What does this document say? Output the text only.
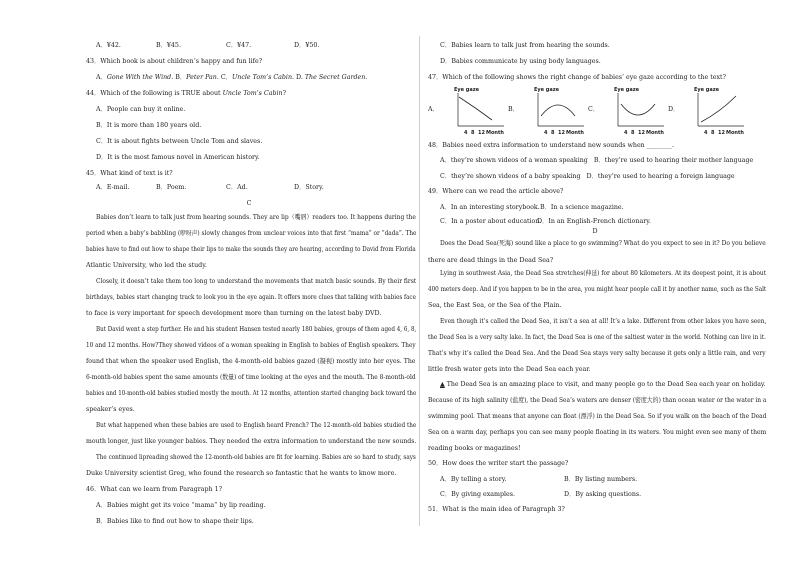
A．¥42.	B．¥45.	C．¥47.	D．¥50.
43．Which book is about children’s happy and fun life?
A．Gone With the Wind. B．Peter Pan. C．Uncle Tom’s Cabin. D. The Secret Garden.
44．Which of the following is TRUE about Uncle Tom’s Cabin?
A．People can buy it online.
B．It is more than 180 years old.
C．It is about fights between Uncle Tom and slaves.
D．It is the most famous novel in American history.
45．What kind of text is it?
A．E-mail.	B．Poem.	C．Ad.	D．Story.
C
Babies don’t learn to talk just from hearing sounds. They are lip（嘴唇）readers too. It happens during the
period when a baby’s babbling (咿呀声) slowly changes from unclear voices into that first “mama” or “dada”. The
babies have to find out how to shape their lips to make the sounds they are hearing, according to David from Florida
Atlantic University, who led the study.
Closely, it doesn’t take them too long to understand the movements that match basic sounds. By their first
birthdays, babies start changing track to look you in the eye again. It offers more clues that talking with babies face
to face is very important for speech development more than turning on the latest baby DVD.
But David went a step further. He and his student Hansen tested nearly 180 babies, groups of them aged 4, 6, 8,
10 and 12 months. How?They showed videos of a woman speaking in English to babies of English speakers. They
found that when the speaker used English, the 4-month-old babies gazed (凝视) mostly into her eyes. The
6-month-old babies spent the same amounts (数量) of time looking at the eyes and the mouth. The 8-month-old
babies and 10-month-old babies studied mostly the mouth. At 12 months, attention started changing back toward the
speaker’s eyes.
But what happened when these babies are used to English heard French? The 12-month-old babies studied the
mouth longer, just like younger babies. They needed the extra information to understand the new sounds.
The continued lipreading showed the 12-month-old babies are fit for learning. Babies are so hard to study, says
Duke University scientist Greg, who found the research so fantastic that he wants to know more.
46．What can we learn from Paragraph 1?
A．Babies might get its voice “mama” by lip reading.
B．Babies like to find out how to shape their lips.
C．Babies learn to talk just from hearing the sounds.
D．Babies communicate by using body languages.
47．Which of the following shows the right change of babies’ eye gaze according to the text?
A．
Eye gaze
4 8 12 Month
B．
Eye gaze
4 8 12 Month
C．
Eye gaze
4 8 12 Month
D．
Eye gaze
4 8 12 Month
48．Babies need extra information to understand new sounds when ________.
A．they’re shown videos of a woman speaking B．they’re used to hearing their mother language
C．they’re shown videos of a baby speaking D．they’re used to hearing a foreign language
49．Where can we read the article above?
A．In an interesting storybook.B．In a science magazine.
C．In a poster about education.D．In an English-French dictionary.
D
Does the Dead Sea(死海) sound like a place to go swimming? What do you expect to see in it? Do you believe
there are dead things in the Dead Sea?
Lying in southwest Asia, the Dead Sea stretches(伸延) for about 80 kilometers. At its deepest point, it is about
400 meters deep. And if you happen to be in the area, you might hear people call it by another name, such as the Salt
Sea, the East Sea, or the Sea of the Plain.
Even though it’s called the Dead Sea, it isn’t a sea at all! It’s a lake. Different from other lakes you have seen,
the Dead Sea is a very salty lake. In fact, the Dead Sea is one of the saltiest water in the world. Nothing can live in it.
That’s why it’s called the Dead Sea. And the Dead Sea stays very salty because it gets only a little rain, and very
little fresh water gets into the Dead Sea each year.
▲ The Dead Sea is an amazing place to visit, and many people go to the Dead Sea each year on holiday.
Because of its high salinity (盐度), the Dead Sea’s waters are denser (密度大的) than ocean water or the water in a
swimming pool. That means that anyone can float (漂浮) in the Dead Sea. So if you walk on the beach of the Dead
Sea on a warm day, perhaps you can see many people floating in its waters. You might even see many of them
reading books or magazines!
50．How does the writer start the passage?
A．By telling a story.	B．By listing numbers.
C．By giving examples.	D．By asking questions.
51．What is the main idea of Paragraph 3?
